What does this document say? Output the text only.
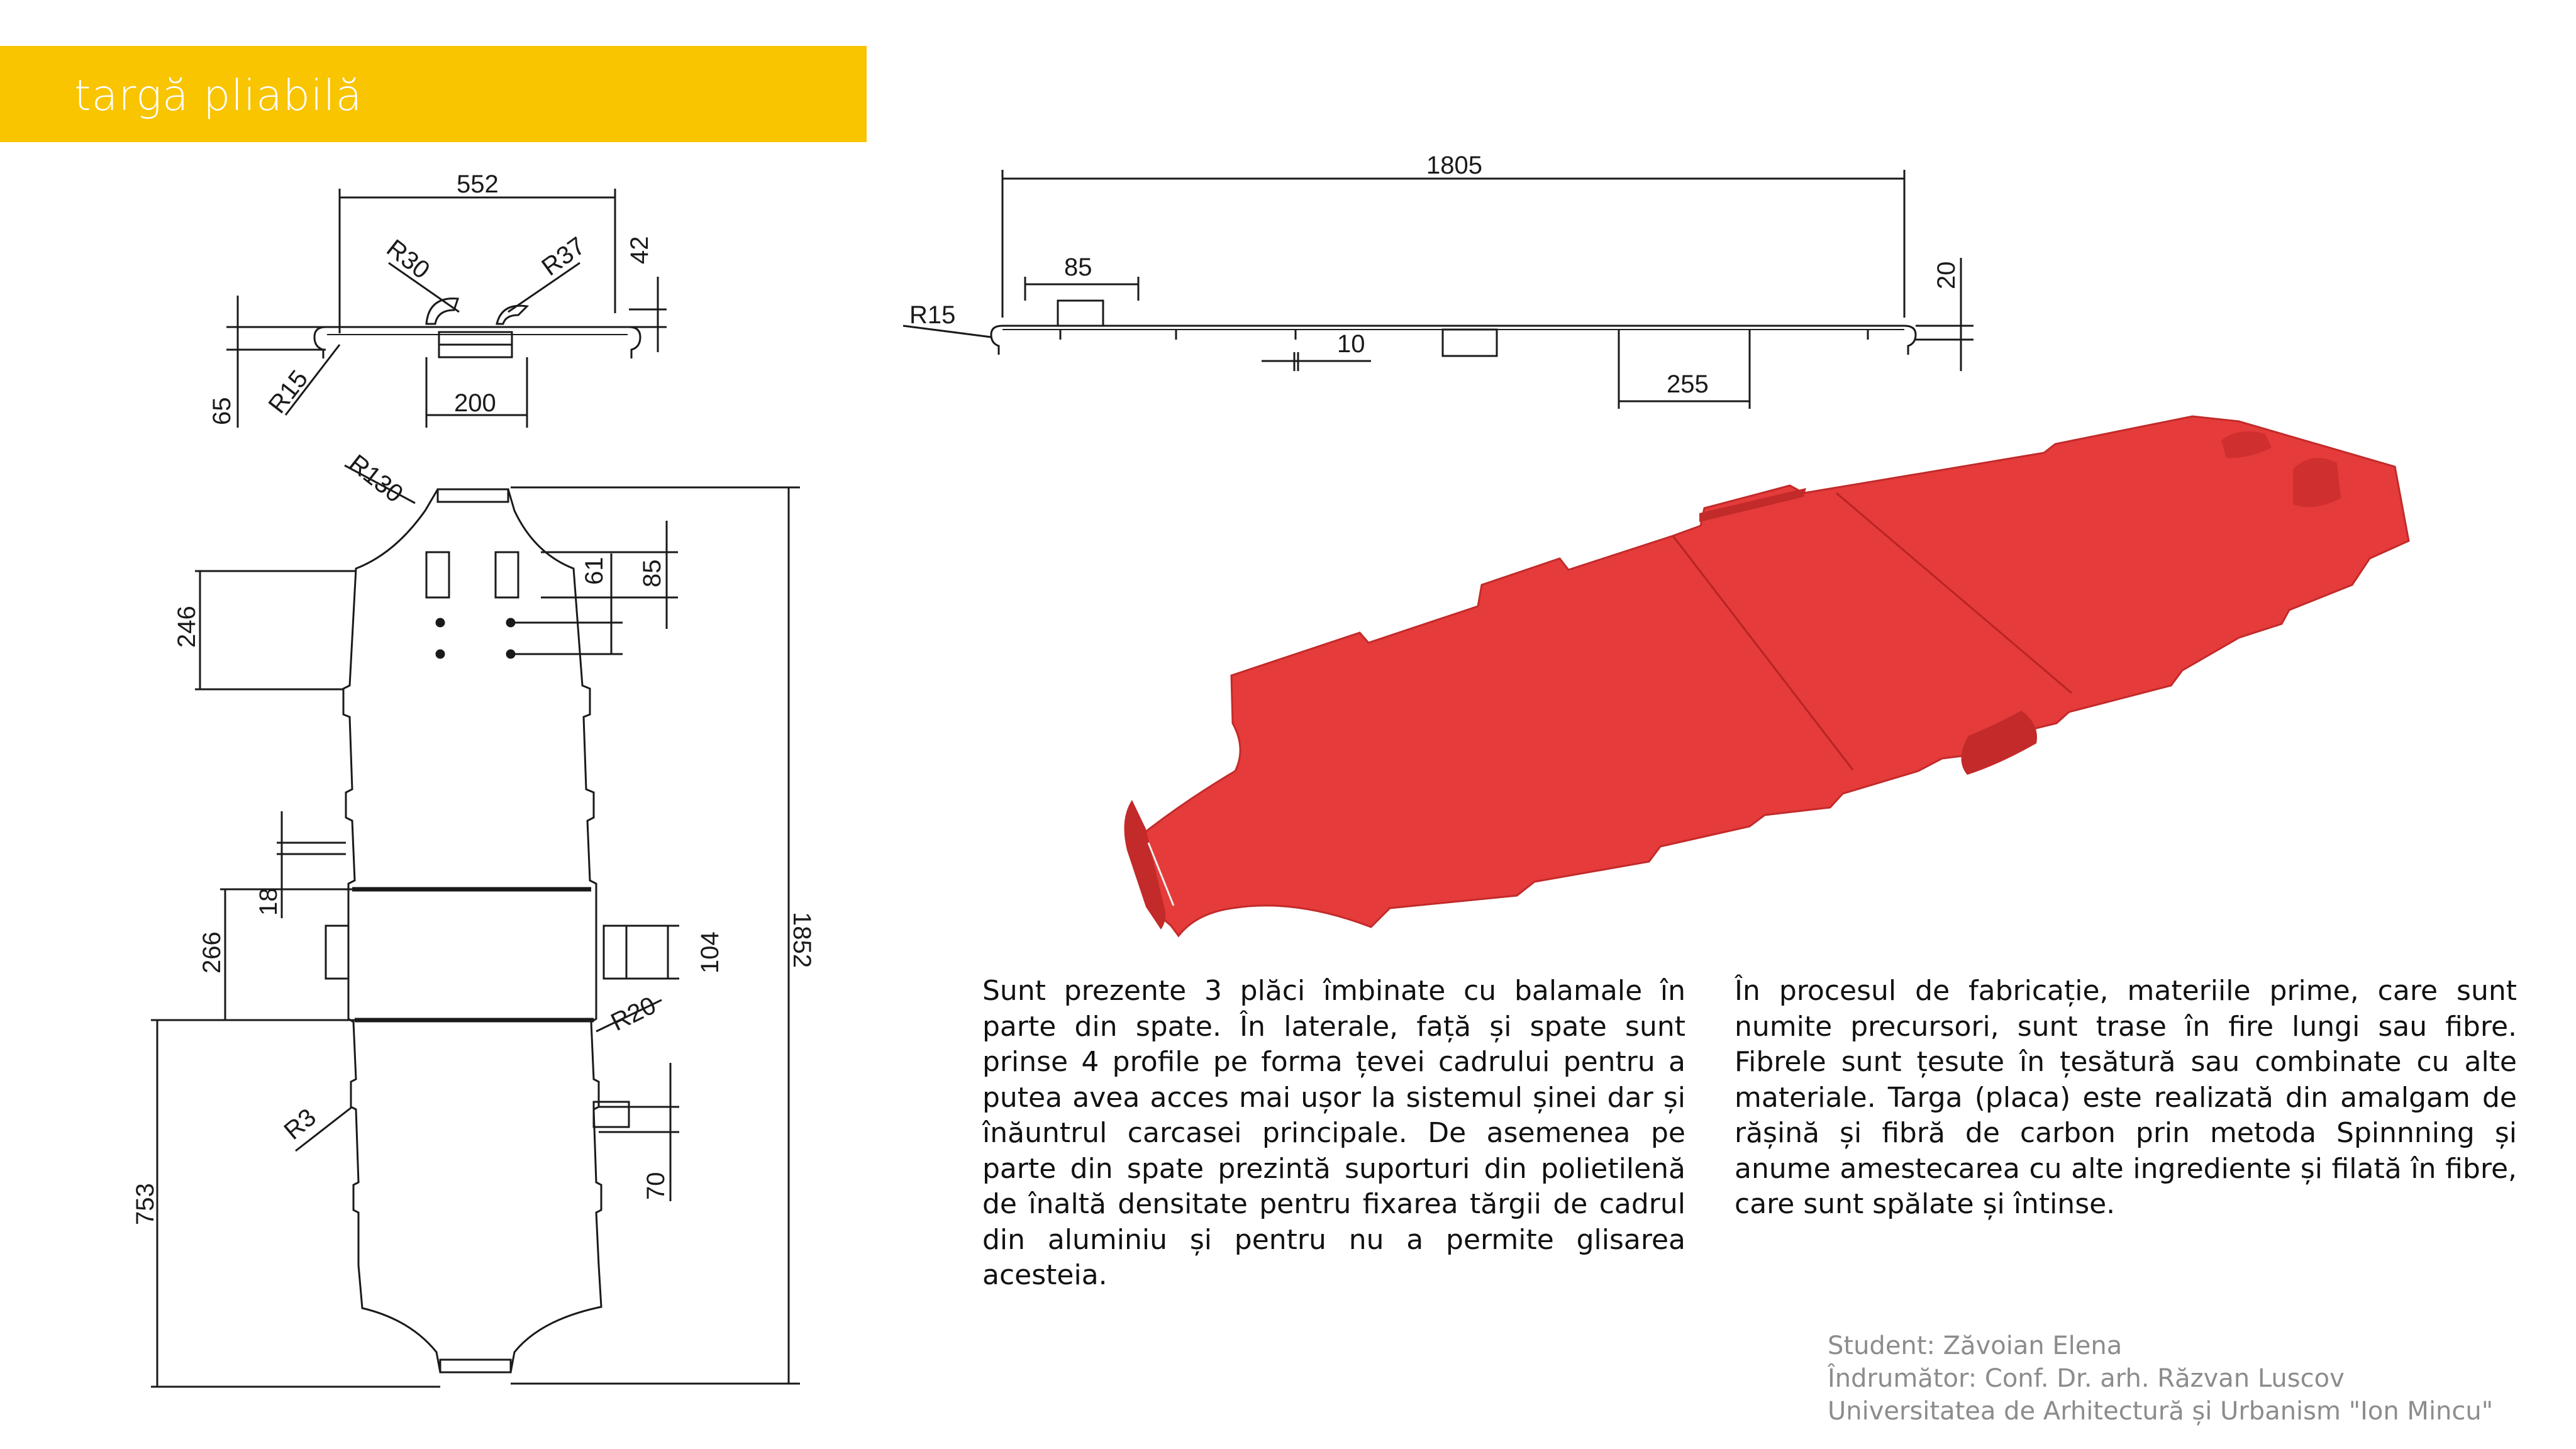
targă pliabilă
552
42
R30	R37
R15
65	200
1805
R15
85	20
10
255
R130
61 85
246
1852
18
266	104
R20
R3
70
753
Sunt prezente 3 plăci îmbinate cu balamale în parte din spate. În laterale, față și spate sunt prinse 4 profile pe forma țevei cadrului pentru a putea avea acces mai ușor la sistemul șinei dar și înăuntrul carcasei principale. De asemenea pe parte din spate prezintă suporturi din polietilenă de înaltă densitate pentru fixarea tărgii de cadrul din aluminiu și pentru nu a permite glisarea acesteia.
În procesul de fabricație, materiile prime, care sunt numite precursori, sunt trase în fire lungi sau fibre. Fibrele sunt țesute în țesătură sau combinate cu alte materiale. Targa (placa) este realizată din amalgam de rășină și fibră de carbon prin metoda Spinnning și anume amestecarea cu alte ingrediente și filată în fibre, care sunt spălate și întinse.
Student: Zăvoian Elena
Îndrumător: Conf. Dr. arh. Răzvan Luscov
Universitatea de Arhitectură și Urbanism "Ion Mincu"
